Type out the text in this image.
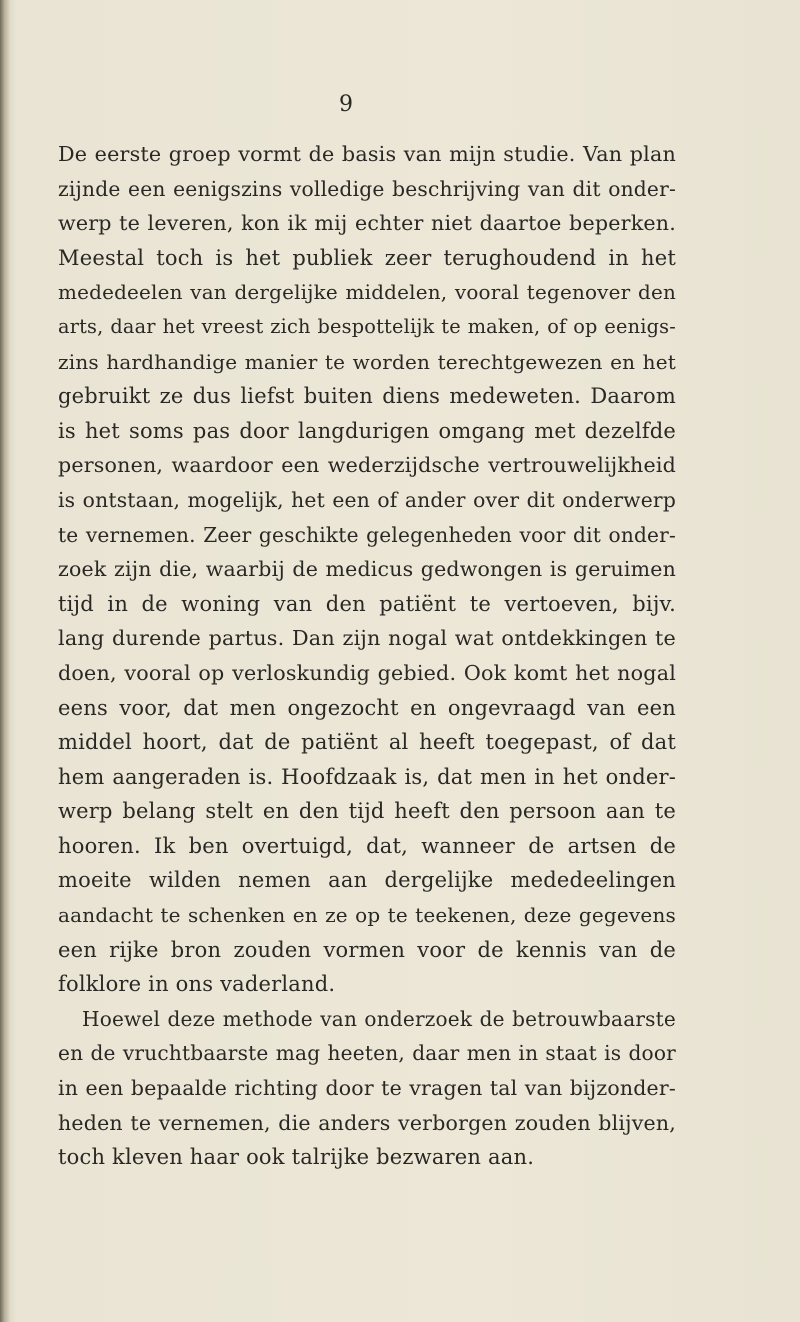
9
De eerste groep vormt de basis van mijn studie. Van plan
zijnde een eenigszins volledige beschrijving van dit onder-
werp te leveren, kon ik mij echter niet daartoe beperken.
Meestal toch is het publiek zeer terughoudend in het
mededeelen van dergelijke middelen, vooral tegenover den
arts, daar het vreest zich bespottelijk te maken, of op eenigs-
zins hardhandige manier te worden terechtgewezen en het
gebruikt ze dus liefst buiten diens medeweten. Daarom
is het soms pas door langdurigen omgang met dezelfde
personen, waardoor een wederzijdsche vertrouwelijkheid
is ontstaan, mogelijk, het een of ander over dit onderwerp
te vernemen. Zeer geschikte gelegenheden voor dit onder-
zoek zijn die, waarbij de medicus gedwongen is geruimen
tijd in de woning van den patiënt te vertoeven, bijv.
lang durende partus. Dan zijn nogal wat ontdekkingen te
doen, vooral op verloskundig gebied. Ook komt het nogal
eens voor, dat men ongezocht en ongevraagd van een
middel hoort, dat de patiënt al heeft toegepast, of dat
hem aangeraden is. Hoofdzaak is, dat men in het onder-
werp belang stelt en den tijd heeft den persoon aan te
hooren. Ik ben overtuigd, dat, wanneer de artsen de
moeite wilden nemen aan dergelijke mededeelingen
aandacht te schenken en ze op te teekenen, deze gegevens
een rijke bron zouden vormen voor de kennis van de
folklore in ons vaderland.
Hoewel deze methode van onderzoek de betrouwbaarste
en de vruchtbaarste mag heeten, daar men in staat is door
in een bepaalde richting door te vragen tal van bijzonder-
heden te vernemen, die anders verborgen zouden blijven,
toch kleven haar ook talrijke bezwaren aan.
